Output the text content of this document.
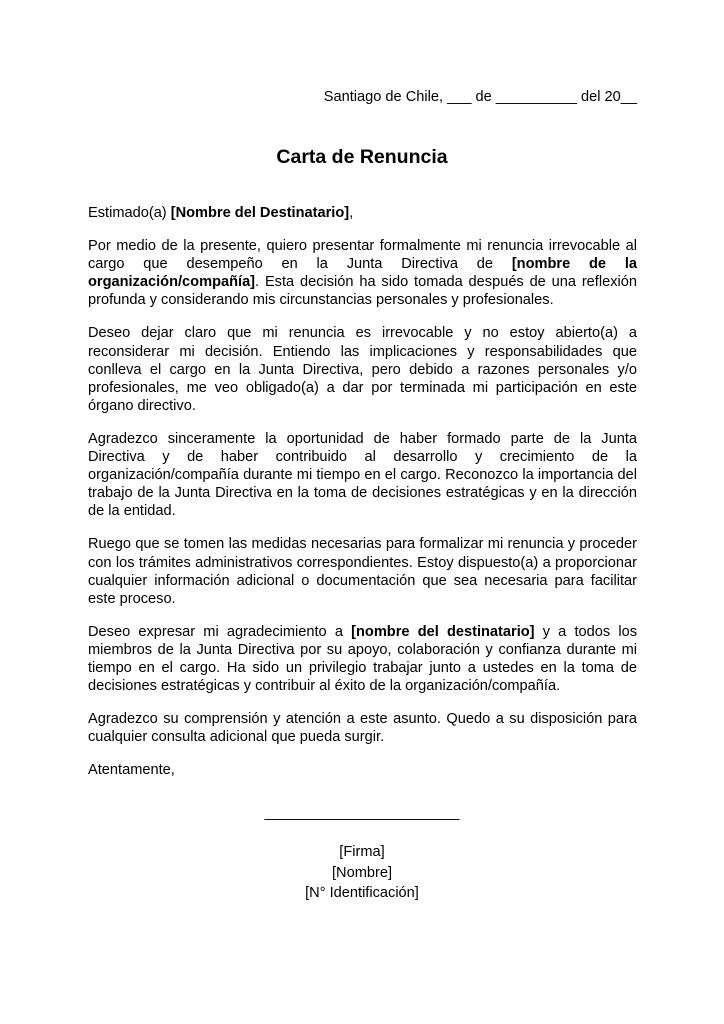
Santiago de Chile, ___ de __________ del 20__
Carta de Renuncia

Estimado(a) [Nombre del Destinatario],

Por medio de la presente, quiero presentar formalmente mi renuncia irrevocable al cargo que desempeño en la Junta Directiva de [nombre de la organización/compañía]. Esta decisión ha sido tomada después de una reflexión profunda y considerando mis circunstancias personales y profesionales.

Deseo dejar claro que mi renuncia es irrevocable y no estoy abierto(a) a reconsiderar mi decisión. Entiendo las implicaciones y responsabilidades que conlleva el cargo en la Junta Directiva, pero debido a razones personales y/o profesionales, me veo obligado(a) a dar por terminada mi participación en este órgano directivo.

Agradezco sinceramente la oportunidad de haber formado parte de la Junta Directiva y de haber contribuido al desarrollo y crecimiento de la organización/compañía durante mi tiempo en el cargo. Reconozco la importancia del trabajo de la Junta Directiva en la toma de decisiones estratégicas y en la dirección de la entidad.

Ruego que se tomen las medidas necesarias para formalizar mi renuncia y proceder con los trámites administrativos correspondientes. Estoy dispuesto(a) a proporcionar cualquier información adicional o documentación que sea necesaria para facilitar este proceso.

Deseo expresar mi agradecimiento a [nombre del destinatario] y a todos los miembros de la Junta Directiva por su apoyo, colaboración y confianza durante mi tiempo en el cargo. Ha sido un privilegio trabajar junto a ustedes en la toma de decisiones estratégicas y contribuir al éxito de la organización/compañía.

Agradezco su comprensión y atención a este asunto. Quedo a su disposición para cualquier consulta adicional que pueda surgir.

Atentamente,

________________________
[Firma]
[Nombre]
[N° Identificación]
